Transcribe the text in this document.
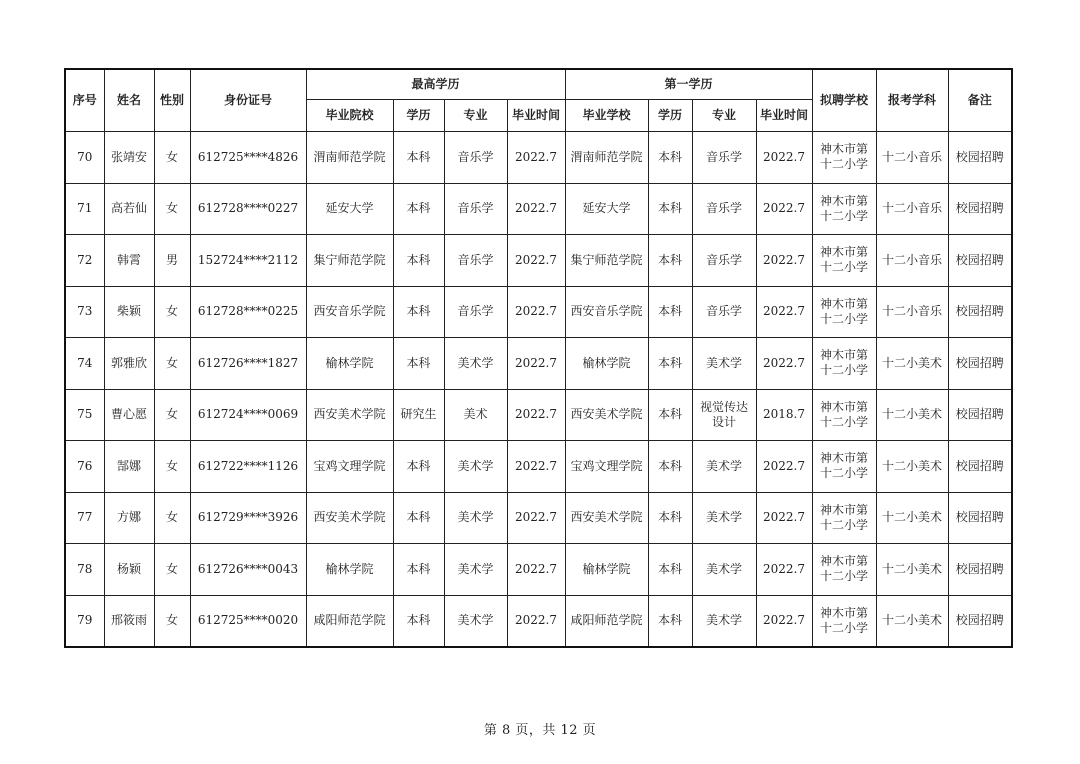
序号	姓名	性别	身份证号	最高学历				第一学历				拟聘学校	报考学科	备注
				毕业院校	学历	专业	毕业时间	毕业学校	学历	专业	毕业时间			
70	张靖安	女	612725****4826	渭南师范学院	本科	音乐学	2022.7	渭南师范学院	本科	音乐学	2022.7	神木市第十二小学	十二小音乐	校园招聘
71	高若仙	女	612728****0227	延安大学	本科	音乐学	2022.7	延安大学	本科	音乐学	2022.7	神木市第十二小学	十二小音乐	校园招聘
72	韩霄	男	152724****2112	集宁师范学院	本科	音乐学	2022.7	集宁师范学院	本科	音乐学	2022.7	神木市第十二小学	十二小音乐	校园招聘
73	柴颖	女	612728****0225	西安音乐学院	本科	音乐学	2022.7	西安音乐学院	本科	音乐学	2022.7	神木市第十二小学	十二小音乐	校园招聘
74	郭雅欣	女	612726****1827	榆林学院	本科	美术学	2022.7	榆林学院	本科	美术学	2022.7	神木市第十二小学	十二小美术	校园招聘
75	曹心愿	女	612724****0069	西安美术学院	研究生	美术	2022.7	西安美术学院	本科	视觉传达设计	2018.7	神木市第十二小学	十二小美术	校园招聘
76	郜娜	女	612722****1126	宝鸡文理学院	本科	美术学	2022.7	宝鸡文理学院	本科	美术学	2022.7	神木市第十二小学	十二小美术	校园招聘
77	方娜	女	612729****3926	西安美术学院	本科	美术学	2022.7	西安美术学院	本科	美术学	2022.7	神木市第十二小学	十二小美术	校园招聘
78	杨颖	女	612726****0043	榆林学院	本科	美术学	2022.7	榆林学院	本科	美术学	2022.7	神木市第十二小学	十二小美术	校园招聘
79	邢筱雨	女	612725****0020	咸阳师范学院	本科	美术学	2022.7	咸阳师范学院	本科	美术学	2022.7	神木市第十二小学	十二小美术	校园招聘
第 8 页，共 12 页
